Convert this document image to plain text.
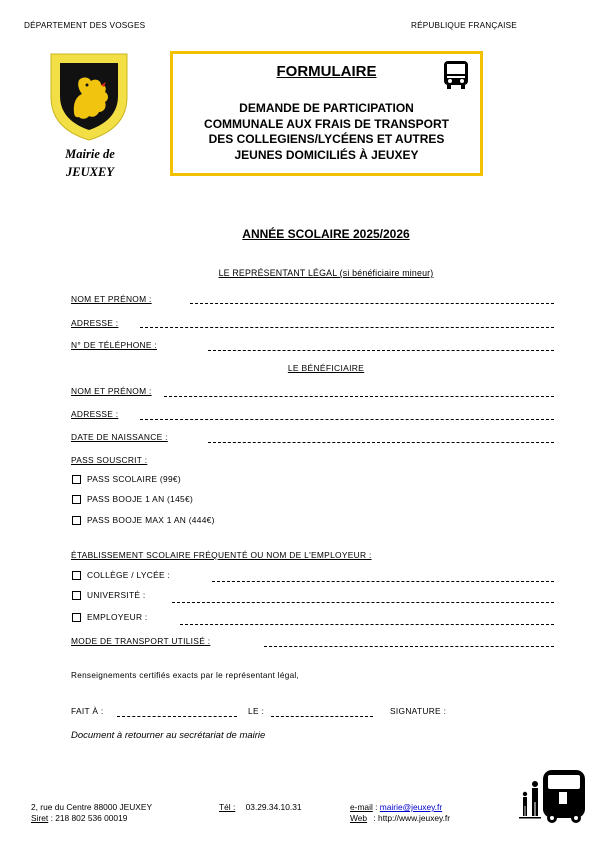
DÉPARTEMENT DES VOSGES	RÉPUBLIQUE FRANÇAISE
Mairie de
JEUXEY
FORMULAIRE
DEMANDE DE PARTICIPATION
COMMUNALE AUX FRAIS DE TRANSPORT
DES COLLEGIENS/LYCÉENS ET AUTRES
JEUNES DOMICILIÉS À JEUXEY
ANNÉE SCOLAIRE 2025/2026
LE REPRÉSENTANT LÉGAL (si bénéficiaire mineur)
NOM ET PRÉNOM :
ADRESSE :
N° DE TÉLÉPHONE :
LE BÉNÉFICIAIRE
NOM ET PRÉNOM :
ADRESSE :
DATE DE NAISSANCE :
PASS SOUSCRIT :
PASS SCOLAIRE (99€)
PASS BOOJE 1 AN (145€)
PASS BOOJE MAX 1 AN (444€)
ÉTABLISSEMENT SCOLAIRE FRÉQUENTÉ OU NOM DE L'EMPLOYEUR :
COLLÈGE / LYCÉE :
UNIVERSITÉ :
EMPLOYEUR :
MODE DE TRANSPORT UTILISÉ :
Renseignements certifiés exacts par le représentant légal,
FAIT À :	LE :	SIGNATURE :
Document à retourner au secrétariat de mairie
2, rue du Centre 88000 JEUXEY
Siret : 218 802 536 00019
Tél : 03.29.34.10.31	e-mail : mairie@jeuxey.fr
Web : http://www.jeuxey.fr
